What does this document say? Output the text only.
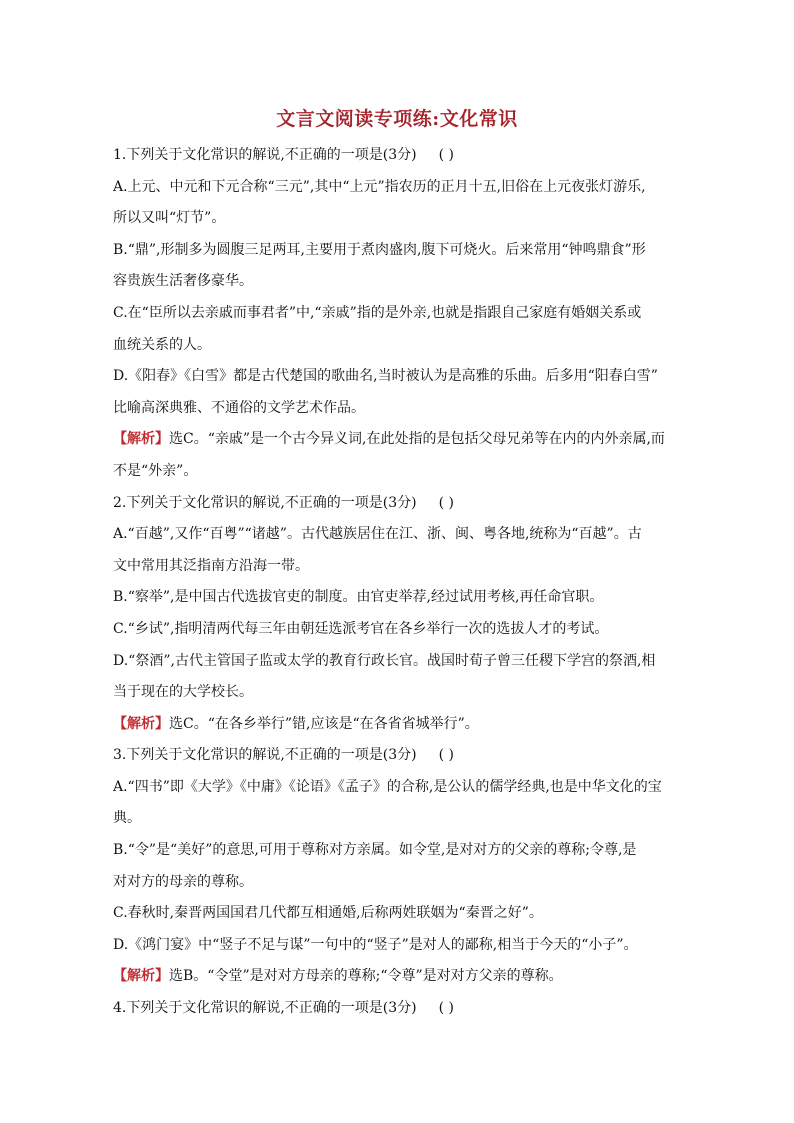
文言文阅读专项练:文化常识
1.下列关于文化常识的解说,不正确的一项是(3分) ( )
A.上元、中元和下元合称“三元”,其中“上元”指农历的正月十五,旧俗在上元夜张灯游乐,
所以又叫“灯节”。
B.“鼎”,形制多为圆腹三足两耳,主要用于煮肉盛肉,腹下可烧火。后来常用“钟鸣鼎食”形
容贵族生活奢侈豪华。
C.在“臣所以去亲戚而事君者”中,“亲戚”指的是外亲,也就是指跟自己家庭有婚姻关系或
血统关系的人。
D.《阳春》《白雪》都是古代楚国的歌曲名,当时被认为是高雅的乐曲。后多用“阳春白雪”
比喻高深典雅、不通俗的文学艺术作品。
【解析】选C。“亲戚”是一个古今异义词,在此处指的是包括父母兄弟等在内的内外亲属,而
不是“外亲”。
2.下列关于文化常识的解说,不正确的一项是(3分) ( )
A.“百越”,又作“百粤”“诸越”。古代越族居住在江、浙、闽、粤各地,统称为“百越”。古
文中常用其泛指南方沿海一带。
B.“察举”,是中国古代选拔官吏的制度。由官吏举荐,经过试用考核,再任命官职。
C.“乡试”,指明清两代每三年由朝廷选派考官在各乡举行一次的选拔人才的考试。
D.“祭酒”,古代主管国子监或太学的教育行政长官。战国时荀子曾三任稷下学宫的祭酒,相
当于现在的大学校长。
【解析】选C。“在各乡举行”错,应该是“在各省省城举行”。
3.下列关于文化常识的解说,不正确的一项是(3分) ( )
A.“四书”即《大学》《中庸》《论语》《孟子》的合称,是公认的儒学经典,也是中华文化的宝
典。
B.“令”是“美好”的意思,可用于尊称对方亲属。如令堂,是对对方的父亲的尊称;令尊,是
对对方的母亲的尊称。
C.春秋时,秦晋两国国君几代都互相通婚,后称两姓联姻为“秦晋之好”。
D.《鸿门宴》中“竖子不足与谋”一句中的“竖子”是对人的鄙称,相当于今天的“小子”。
【解析】选B。“令堂”是对对方母亲的尊称;“令尊”是对对方父亲的尊称。
4.下列关于文化常识的解说,不正确的一项是(3分) ( )
